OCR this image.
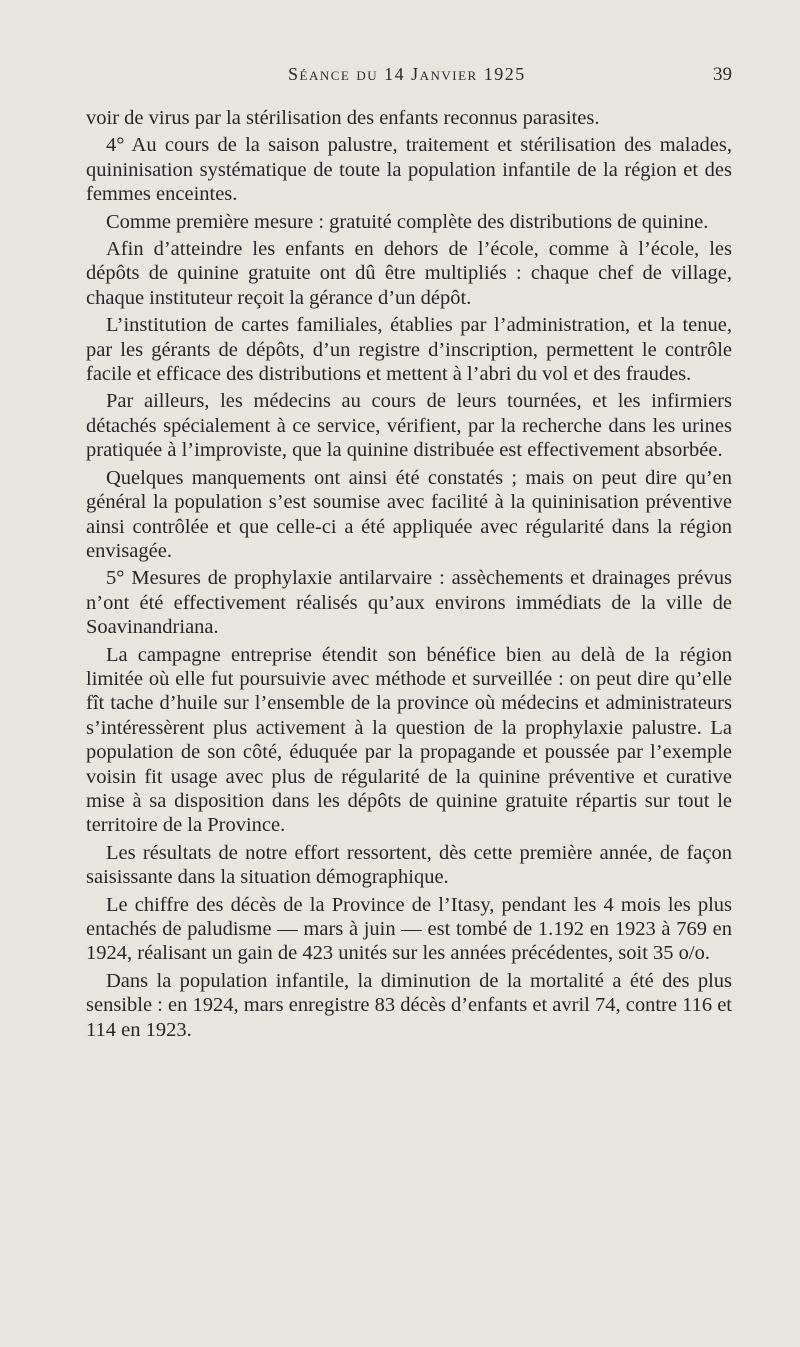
Séance du 14 Janvier 1925	39

voir de virus par la stérilisation des enfants reconnus parasites.

4° Au cours de la saison palustre, traitement et stérilisation des malades, quininisation systématique de toute la population infantile de la région et des femmes enceintes.

Comme première mesure : gratuité complète des distributions de quinine.

Afin d’atteindre les enfants en dehors de l’école, comme à l’école, les dépôts de quinine gratuite ont dû être multipliés : chaque chef de village, chaque instituteur reçoit la gérance d’un dépôt.

L’institution de cartes familiales, établies par l’administration, et la tenue, par les gérants de dépôts, d’un registre d’inscription, permettent le contrôle facile et efficace des distributions et mettent à l’abri du vol et des fraudes.

Par ailleurs, les médecins au cours de leurs tournées, et les infirmiers détachés spécialement à ce service, vérifient, par la recherche dans les urines pratiquée à l’improviste, que la quinine distribuée est effectivement absorbée.

Quelques manquements ont ainsi été constatés ; mais on peut dire qu’en général la population s’est soumise avec facilité à la quininisation préventive ainsi contrôlée et que celle-ci a été appliquée avec régularité dans la région envisagée.

5° Mesures de prophylaxie antilarvaire : assèchements et drainages prévus n’ont été effectivement réalisés qu’aux environs immédiats de la ville de Soavinandriana.

La campagne entreprise étendit son bénéfice bien au delà de la région limitée où elle fut poursuivie avec méthode et surveillée : on peut dire qu’elle fît tache d’huile sur l’ensemble de la province où médecins et administrateurs s’intéressèrent plus activement à la question de la prophylaxie palustre. La population de son côté, éduquée par la propagande et poussée par l’exemple voisin fit usage avec plus de régularité de la quinine préventive et curative mise à sa disposition dans les dépôts de quinine gratuite répartis sur tout le territoire de la Province.

Les résultats de notre effort ressortent, dès cette première année, de façon saisissante dans la situation démographique.

Le chiffre des décès de la Province de l’Itasy, pendant les 4 mois les plus entachés de paludisme — mars à juin — est tombé de 1.192 en 1923 à 769 en 1924, réalisant un gain de 423 unités sur les années précédentes, soit 35 o/o.

Dans la population infantile, la diminution de la mortalité a été des plus sensible : en 1924, mars enregistre 83 décès d’enfants et avril 74, contre 116 et 114 en 1923.
